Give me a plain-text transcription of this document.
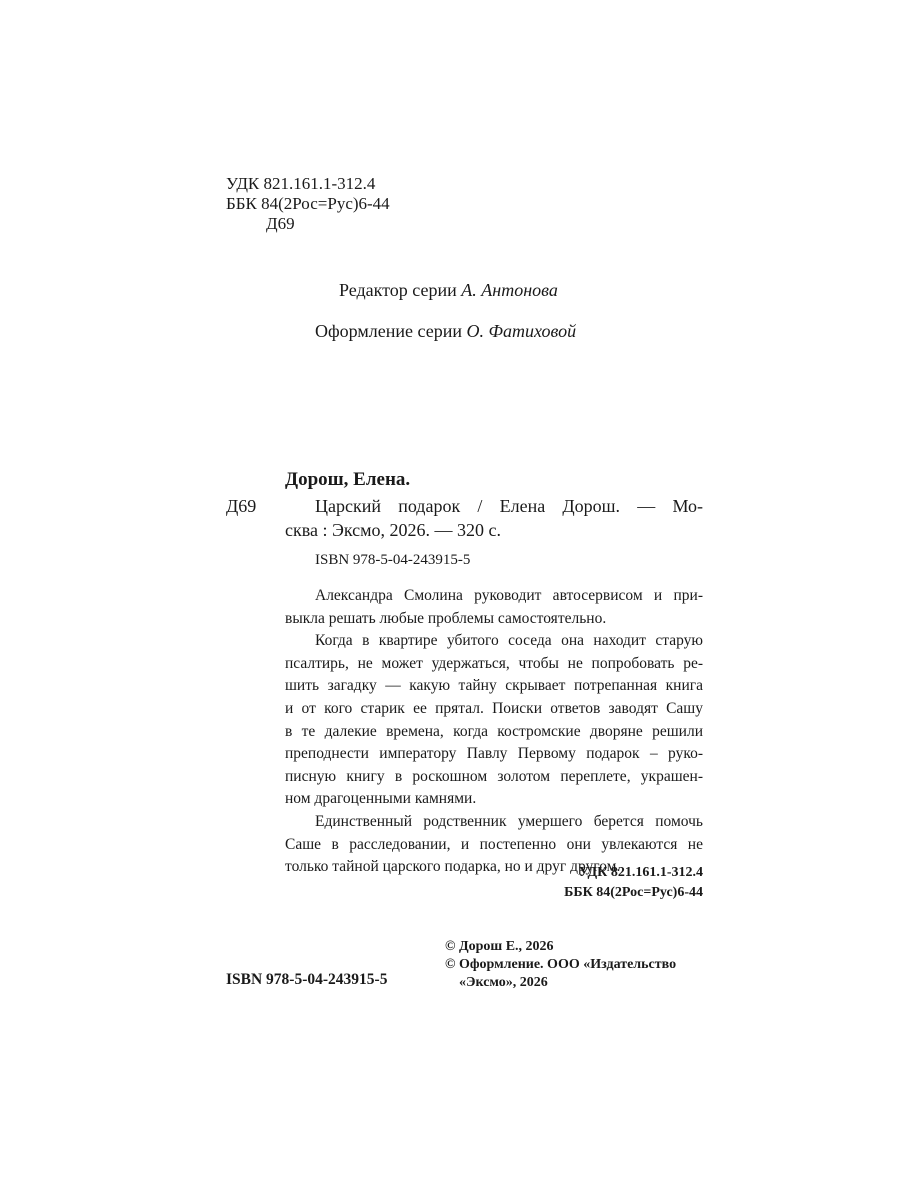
УДК 821.161.1-312.4
ББК 84(2Рос=Рус)6-44
Д69
Редактор серии А. Антонова
Оформление серии О. Фатиховой
Дорош, Елена.
Д69	Царский подарок / Елена Дорош. — Мо-
сква : Эксмо, 2026. — 320 с.
ISBN 978-5-04-243915-5
Александра Смолина руководит автосервисом и при-
выкла решать любые проблемы самостоятельно.
Когда в квартире убитого соседа она находит старую
псалтирь, не может удержаться, чтобы не попробовать ре-
шить загадку — какую тайну скрывает потрепанная книга
и от кого старик ее прятал. Поиски ответов заводят Сашу
в те далекие времена, когда костромские дворяне решили
преподнести императору Павлу Первому подарок – руко-
писную книгу в роскошном золотом переплете, украшен-
ном драгоценными камнями.
Единственный родственник умершего берется помочь
Саше в расследовании, и постепенно они увлекаются не
только тайной царского подарка, но и друг другом.
УДК 821.161.1-312.4
ББК 84(2Рос=Рус)6-44
© Дорош Е., 2026
© Оформление. ООО «Издательство
«Эксмо», 2026
ISBN 978-5-04-243915-5
